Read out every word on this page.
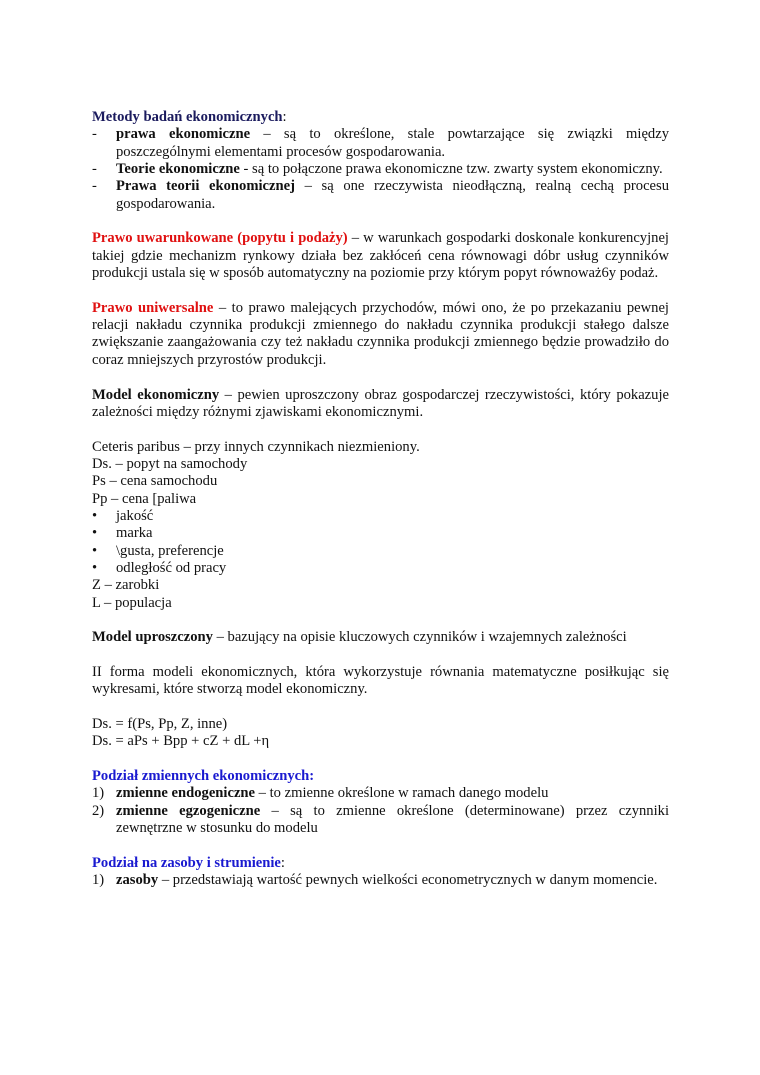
Metody badań ekonomicznych:
- prawa ekonomiczne – są to określone, stale powtarzające się związki między poszczególnymi elementami procesów gospodarowania.
- Teorie ekonomiczne - są to połączone prawa ekonomiczne tzw. zwarty system ekonomiczny.
- Prawa teorii ekonomicznej – są one rzeczywista nieodłączną, realną cechą procesu gospodarowania.

Prawo uwarunkowane (popytu i podaży) – w warunkach gospodarki doskonale konkurencyjnej takiej gdzie mechanizm rynkowy działa bez zakłóceń cena równowagi dóbr usług czynników produkcji ustala się w sposób automatyczny na poziomie przy którym popyt równoważ6y podaż.

Prawo uniwersalne – to prawo malejących przychodów, mówi ono, że po przekazaniu pewnej relacji nakładu czynnika produkcji zmiennego do nakładu czynnika produkcji stałego dalsze zwiększanie zaangażowania czy też nakładu czynnika produkcji zmiennego będzie prowadziło do coraz mniejszych przyrostów produkcji.

Model ekonomiczny – pewien uproszczony obraz gospodarczej rzeczywistości, który pokazuje zależności między różnymi zjawiskami ekonomicznymi.

Ceteris paribus – przy innych czynnikach niezmieniony.
Ds. – popyt na samochody
Ps – cena samochodu
Pp – cena [paliwa
• jakość
• marka
• \gusta, preferencje
• odległość od pracy
Z – zarobki
L – populacja

Model uproszczony – bazujący na opisie kluczowych czynników i wzajemnych zależności

II forma modeli ekonomicznych, która wykorzystuje równania matematyczne posiłkując się wykresami, które stworzą model ekonomiczny.

Ds. = f(Ps, Pp, Z, inne)
Ds. = aPs + Bpp + cZ + dL +η
Podział zmiennych ekonomicznych:
1) zmienne endogeniczne – to zmienne określone w ramach danego modelu
2) zmienne egzogeniczne – są to zmienne określone (determinowane) przez czynniki zewnętrzne w stosunku do modelu
Podział na zasoby i strumienie:
1) zasoby – przedstawiają wartość pewnych wielkości econometrycznych w danym momencie.
